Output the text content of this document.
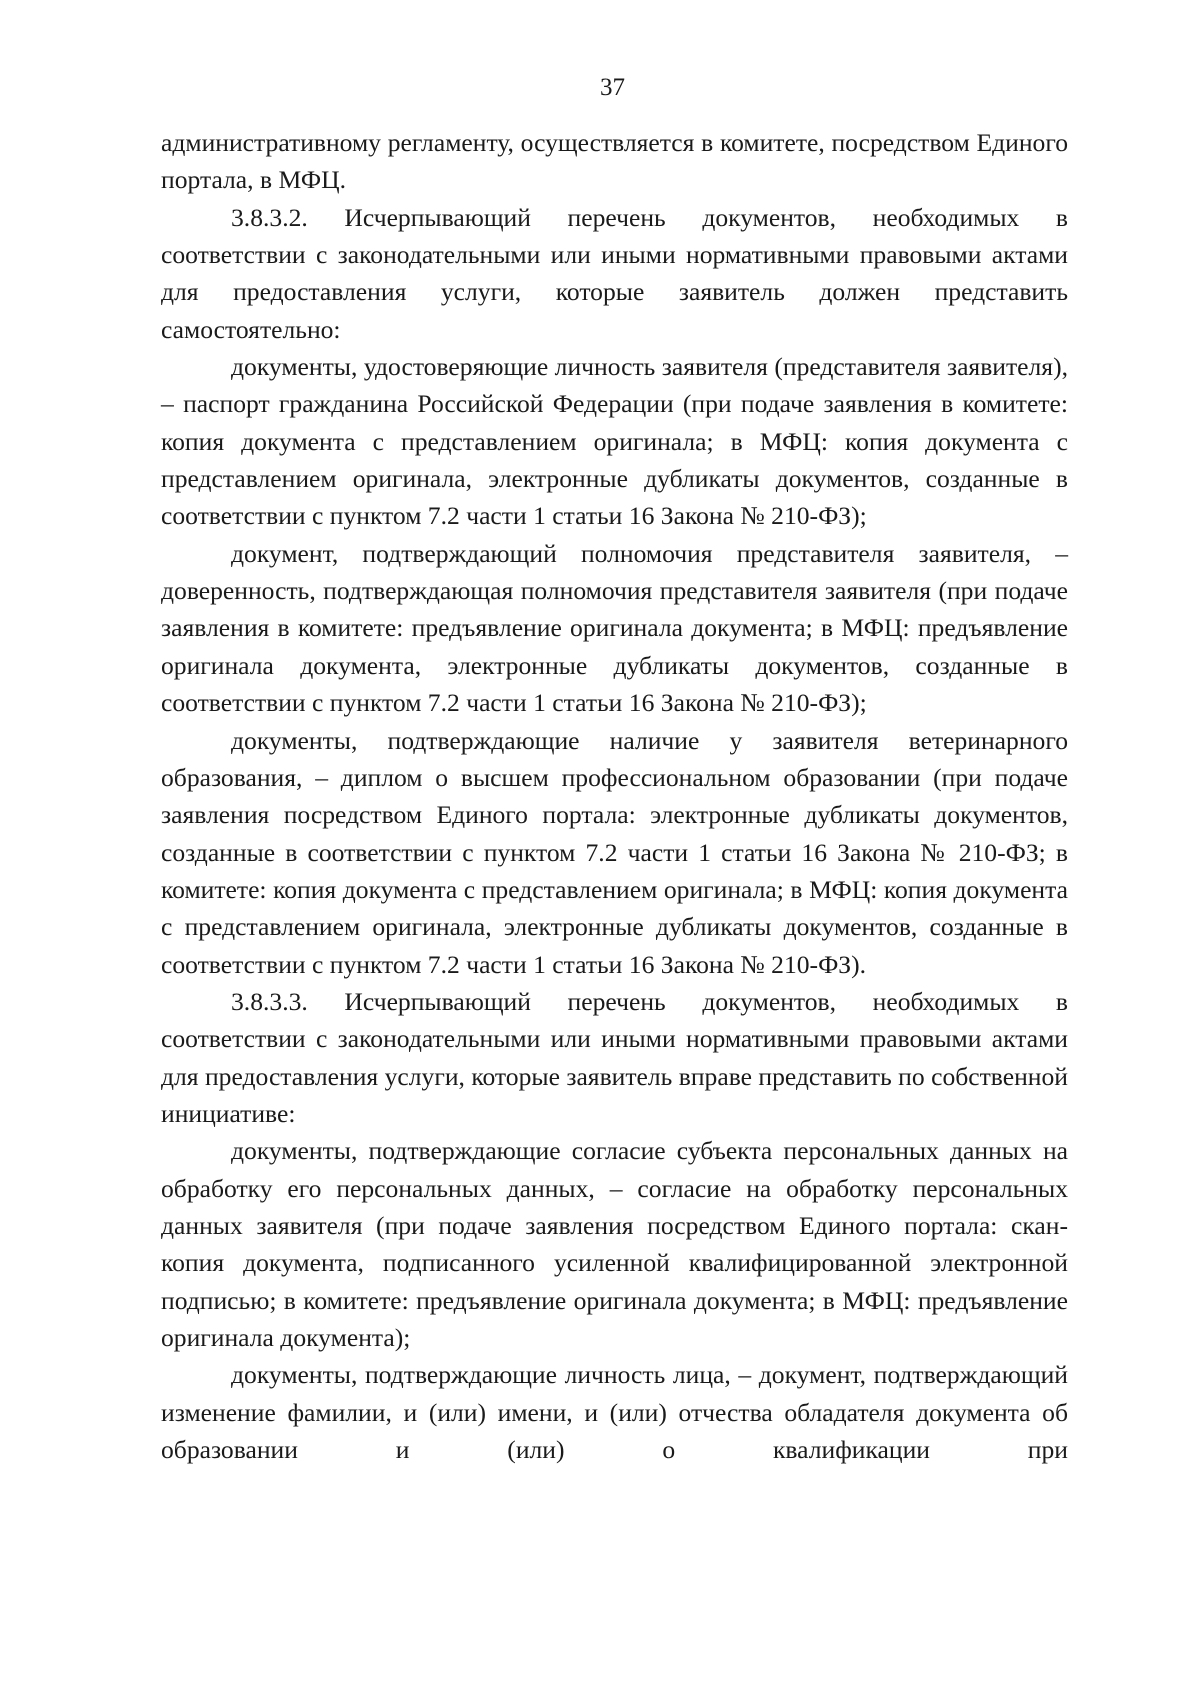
37

административному регламенту, осуществляется в комитете, посредством Единого портала, в МФЦ.

3.8.3.2. Исчерпывающий перечень документов, необходимых в соответствии с законодательными или иными нормативными правовыми актами для предоставления услуги, которые заявитель должен представить самостоятельно:

документы, удостоверяющие личность заявителя (представителя заявителя), – паспорт гражданина Российской Федерации (при подаче заявления в комитете: копия документа с представлением оригинала; в МФЦ: копия документа с представлением оригинала, электронные дубликаты документов, созданные в соответствии с пунктом 7.2 части 1 статьи 16 Закона № 210-ФЗ);

документ, подтверждающий полномочия представителя заявителя, – доверенность, подтверждающая полномочия представителя заявителя (при подаче заявления в комитете: предъявление оригинала документа; в МФЦ: предъявление оригинала документа, электронные дубликаты документов, созданные в соответствии с пунктом 7.2 части 1 статьи 16 Закона № 210-ФЗ);

документы, подтверждающие наличие у заявителя ветеринарного образования, – диплом о высшем профессиональном образовании (при подаче заявления посредством Единого портала: электронные дубликаты документов, созданные в соответствии с пунктом 7.2 части 1 статьи 16 Закона № 210-ФЗ; в комитете: копия документа с представлением оригинала; в МФЦ: копия документа с представлением оригинала, электронные дубликаты документов, созданные в соответствии с пунктом 7.2 части 1 статьи 16 Закона № 210-ФЗ).

3.8.3.3. Исчерпывающий перечень документов, необходимых в соответствии с законодательными или иными нормативными правовыми актами для предоставления услуги, которые заявитель вправе представить по собственной инициативе:

документы, подтверждающие согласие субъекта персональных данных на обработку его персональных данных, – согласие на обработку персональных данных заявителя (при подаче заявления посредством Единого портала: скан-копия документа, подписанного усиленной квалифицированной электронной подписью; в комитете: предъявление оригинала документа; в МФЦ: предъявление оригинала документа);

документы, подтверждающие личность лица, – документ, подтверждающий изменение фамилии, и (или) имени, и (или) отчества обладателя документа об образовании и (или) о квалификации при
